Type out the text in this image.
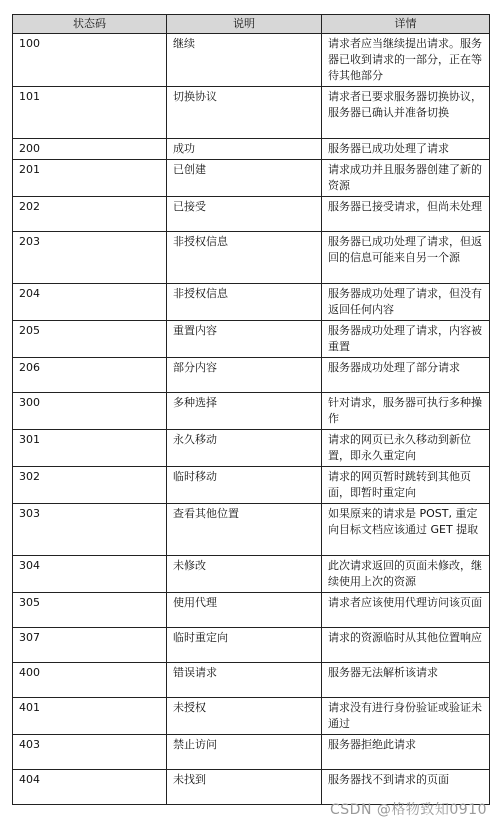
状态码	说明	详情
100	继续	请求者应当继续提出请求。服务器已收到请求的一部分，正在等待其他部分
101	切换协议	请求者已要求服务器切换协议，服务器已确认并准备切换
200	成功	服务器已成功处理了请求
201	已创建	请求成功并且服务器创建了新的资源
202	已接受	服务器已接受请求，但尚未处理
203	非授权信息	服务器已成功处理了请求，但返回的信息可能来自另一个源
204	非授权信息	服务器成功处理了请求，但没有返回任何内容
205	重置内容	服务器成功处理了请求，内容被重置
206	部分内容	服务器成功处理了部分请求
300	多种选择	针对请求，服务器可执行多种操作
301	永久移动	请求的网页已永久移动到新位置，即永久重定向
302	临时移动	请求的网页暂时跳转到其他页面，即暂时重定向
303	查看其他位置	如果原来的请求是 POST, 重定向目标文档应该通过 GET 提取
304	未修改	此次请求返回的页面未修改，继续使用上次的资源
305	使用代理	请求者应该使用代理访问该页面
307	临时重定向	请求的资源临时从其他位置响应
400	错误请求	服务器无法解析该请求
401	未授权	请求没有进行身份验证或验证未通过
403	禁止访问	服务器拒绝此请求
404	未找到	服务器找不到请求的页面
CSDN @格物致知0910
